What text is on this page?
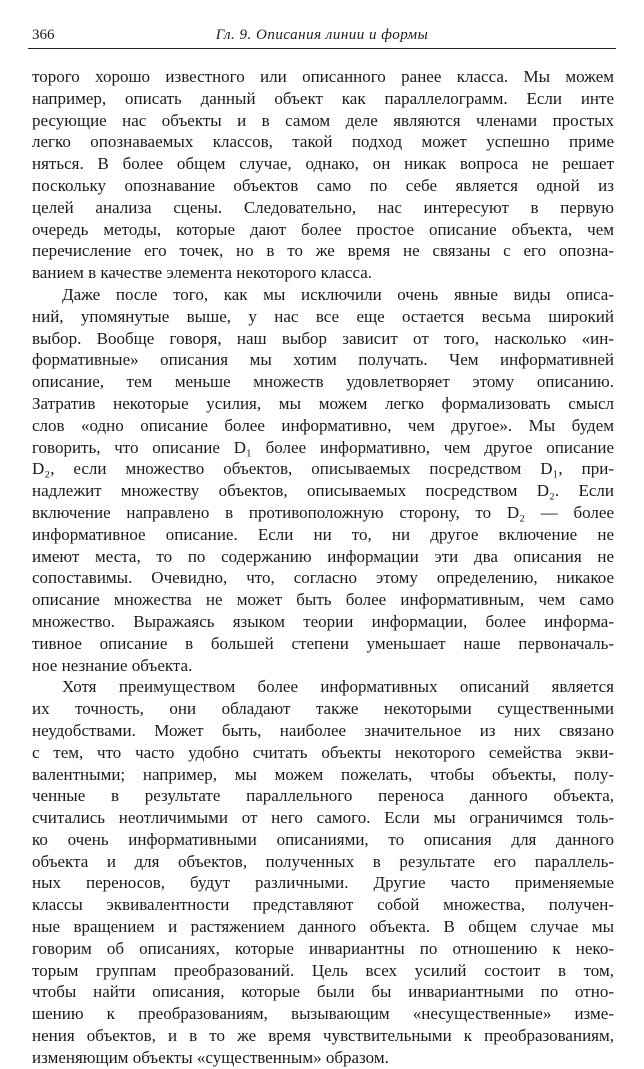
366	Гл. 9. Описания линии и формы
торого хорошо известного или описанного ранее класса. Мы можем
например, описать данный объект как параллелограмм. Если инте
ресующие нас объекты и в самом деле являются членами простых
легко опознаваемых классов, такой подход может успешно приме
няться. В более общем случае, однако, он никак вопроса не решает
поскольку опознавание объектов само по себе является одной из
целей анализа сцены. Следовательно, нас интересуют в первую
очередь методы, которые дают более простое описание объекта, чем
перечисление его точек, но в то же время не связаны с его опозна-
ванием в качестве элемента некоторого класса.
Даже после того, как мы исключили очень явные виды описа-
ний, упомянутые выше, у нас все еще остается весьма широкий
выбор. Вообще говоря, наш выбор зависит от того, насколько «ин-
формативные» описания мы хотим получать. Чем информативней
описание, тем меньше множеств удовлетворяет этому описанию.
Затратив некоторые усилия, мы можем легко формализовать смысл
слов «одно описание более информативно, чем другое». Мы будем
говорить, что описание D₁ более информативно, чем другое описание
D₂, если множество объектов, описываемых посредством D₁, при-
надлежит множеству объектов, описываемых посредством D₂. Если
включение направлено в противоположную сторону, то D₂ — более
информативное описание. Если ни то, ни другое включение не
имеют места, то по содержанию информации эти два описания не
сопоставимы. Очевидно, что, согласно этому определению, никакое
описание множества не может быть более информативным, чем само
множество. Выражаясь языком теории информации, более информа-
тивное описание в большей степени уменьшает наше первоначаль-
ное незнание объекта.
Хотя преимуществом более информативных описаний является
их точность, они обладают также некоторыми существенными
неудобствами. Может быть, наиболее значительное из них связано
с тем, что часто удобно считать объекты некоторого семейства экви-
валентными; например, мы можем пожелать, чтобы объекты, полу-
ченные в результате параллельного переноса данного объекта,
считались неотличимыми от него самого. Если мы ограничимся толь-
ко очень информативными описаниями, то описания для данного
объекта и для объектов, полученных в результате его параллель-
ных переносов, будут различными. Другие часто применяемые
классы эквивалентности представляют собой множества, получен-
ные вращением и растяжением данного объекта. В общем случае мы
говорим об описаниях, которые инвариантны по отношению к неко-
торым группам преобразований. Цель всех усилий состоит в том,
чтобы найти описания, которые были бы инвариантными по отно-
шению к преобразованиям, вызывающим «несущественные» изме-
нения объектов, и в то же время чувствительными к преобразованиям,
изменяющим объекты «существенным» образом.
